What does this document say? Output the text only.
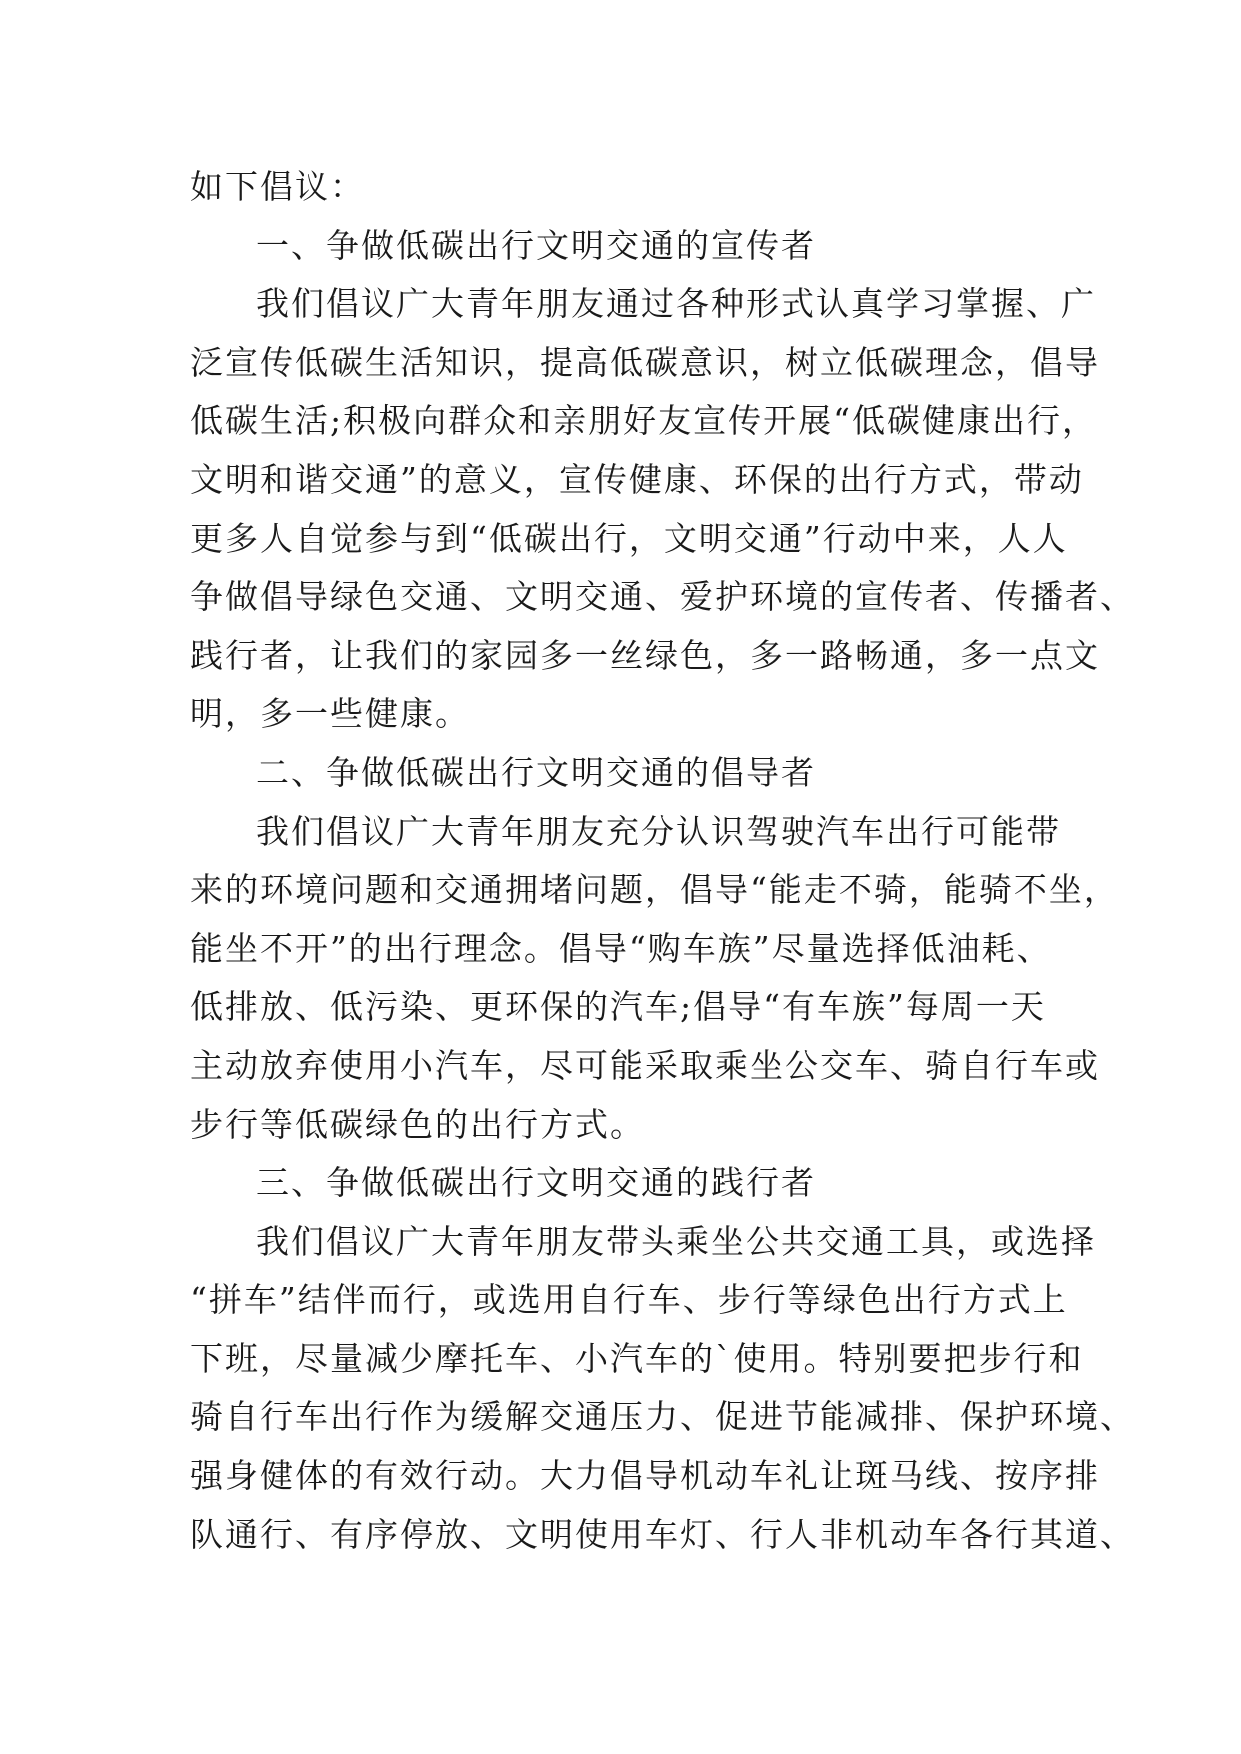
如下倡议：
一、争做低碳出行文明交通的宣传者
我们倡议广大青年朋友通过各种形式认真学习掌握、广
泛宣传低碳生活知识，提高低碳意识，树立低碳理念，倡导
低碳生活;积极向群众和亲朋好友宣传开展“低碳健康出行，
文明和谐交通”的意义，宣传健康、环保的出行方式，带动
更多人自觉参与到“低碳出行，文明交通”行动中来，人人
争做倡导绿色交通、文明交通、爱护环境的宣传者、传播者、
践行者，让我们的家园多一丝绿色，多一路畅通，多一点文
明，多一些健康。
二、争做低碳出行文明交通的倡导者
我们倡议广大青年朋友充分认识驾驶汽车出行可能带
来的环境问题和交通拥堵问题，倡导“能走不骑，能骑不坐，
能坐不开”的出行理念。倡导“购车族”尽量选择低油耗、
低排放、低污染、更环保的汽车;倡导“有车族”每周一天
主动放弃使用小汽车，尽可能采取乘坐公交车、骑自行车或
步行等低碳绿色的出行方式。
三、争做低碳出行文明交通的践行者
我们倡议广大青年朋友带头乘坐公共交通工具，或选择
“拼车”结伴而行，或选用自行车、步行等绿色出行方式上
下班，尽量减少摩托车、小汽车的`使用。特别要把步行和
骑自行车出行作为缓解交通压力、促进节能减排、保护环境、
强身健体的有效行动。大力倡导机动车礼让斑马线、按序排
队通行、有序停放、文明使用车灯、行人非机动车各行其道、
